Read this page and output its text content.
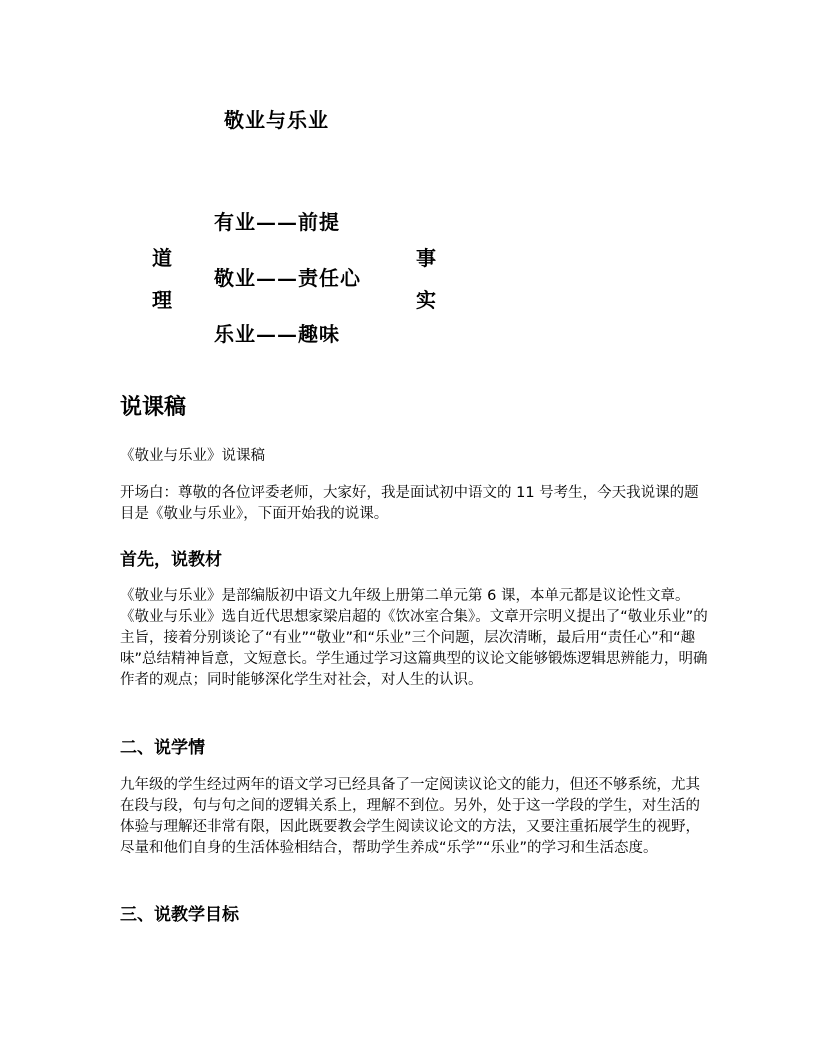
敬业与乐业
道
理
有业——前提
敬业——责任心
乐业——趣味
事
实
说课稿
《敬业与乐业》说课稿
开场白：尊敬的各位评委老师，大家好，我是面试初中语文的 11 号考生，今天我说课的题目是《敬业与乐业》，下面开始我的说课。
首先，说教材
《敬业与乐业》是部编版初中语文九年级上册第二单元第 6 课，本单元都是议论性文章。《敬业与乐业》选自近代思想家梁启超的《饮冰室合集》。文章开宗明义提出了“敬业乐业”的主旨，接着分别谈论了“有业”“敬业”和“乐业”三个问题，层次清晰，最后用“责任心”和“趣味”总结精神旨意，文短意长。学生通过学习这篇典型的议论文能够锻炼逻辑思辨能力，明确作者的观点；同时能够深化学生对社会，对人生的认识。
二、说学情
九年级的学生经过两年的语文学习已经具备了一定阅读议论文的能力，但还不够系统，尤其在段与段，句与句之间的逻辑关系上，理解不到位。另外，处于这一学段的学生，对生活的体验与理解还非常有限，因此既要教会学生阅读议论文的方法，又要注重拓展学生的视野，尽量和他们自身的生活体验相结合，帮助学生养成“乐学”“乐业”的学习和生活态度。
三、说教学目标
